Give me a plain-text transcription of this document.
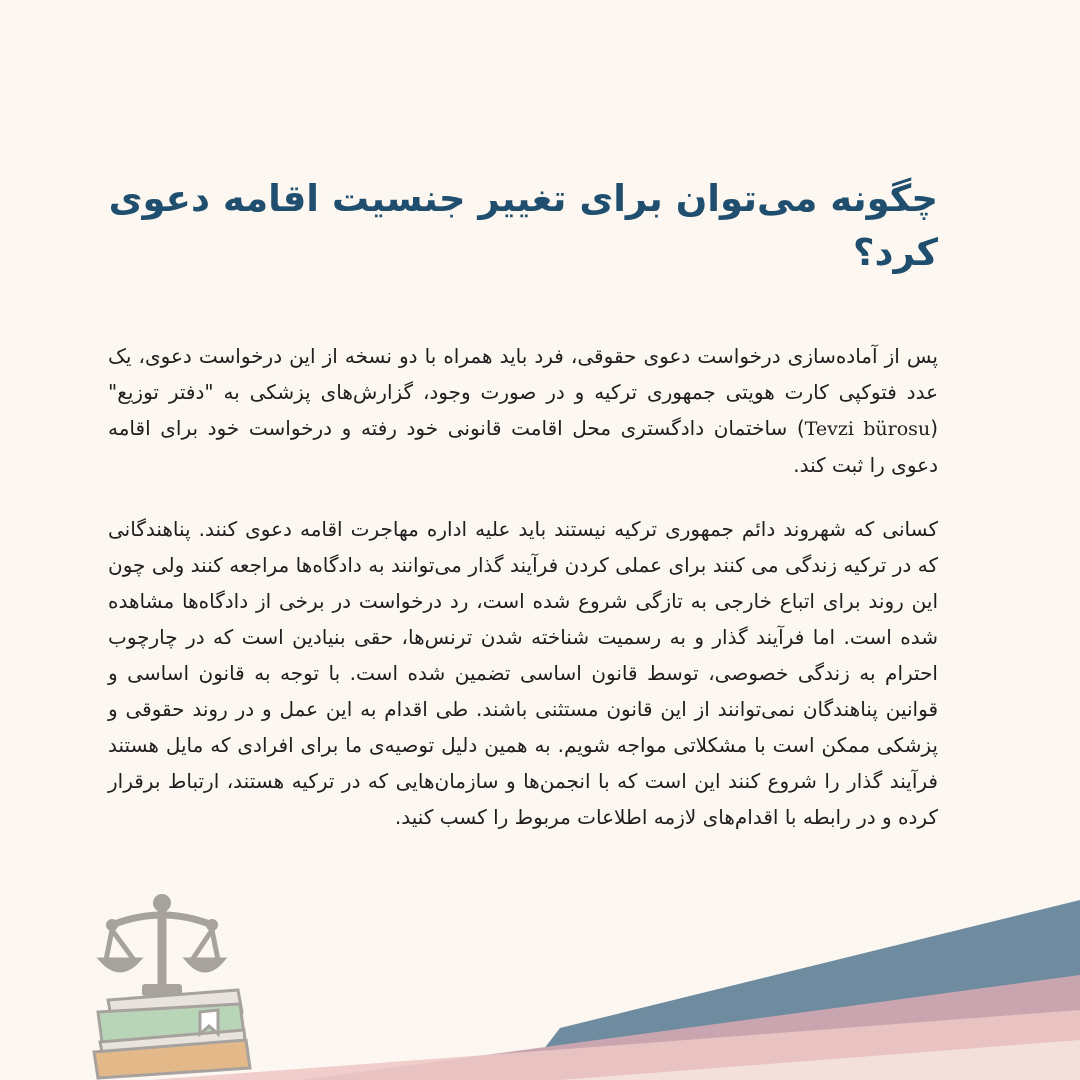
چگونه می‌توان برای تغییر جنسیت اقامه دعوی کرد؟

پس از آماده‌سازی درخواست دعوی حقوقی، فرد باید همراه با دو نسخه از این درخواست دعوی، یک عدد فتوکپی کارت هویتی جمهوری ترکیه و در صورت وجود، گزارش‌های پزشکی به "دفتر توزیع" (Tevzi bürosu) ساختمان دادگستری محل اقامت قانونی خود رفته و درخواست خود برای اقامه دعوی را ثبت کند.

کسانی که شهروند دائم جمهوری ترکیه نیستند باید علیه اداره مهاجرت اقامه دعوی کنند. پناهندگانی که در ترکیه زندگی می کنند برای عملی کردن فرآیند گذار می‌توانند به دادگاه‌ها مراجعه کنند ولی چون این روند برای اتباع خارجی به تازگی شروع شده است، رد درخواست در برخی از دادگاه‌ها مشاهده شده است. اما فرآیند گذار و به رسمیت شناخته شدن ترنس‌ها، حقی بنیادین است که در چارچوب احترام به زندگی خصوصی، توسط قانون اساسی تضمین شده است. با توجه به قانون اساسی و قوانین پناهندگان نمی‌توانند از این قانون مستثنی باشند. طی اقدام به این عمل و در روند حقوقی و پزشکی ممکن است با مشکلاتی مواجه شویم. به همین دلیل توصیه‌ی ما برای افرادی که مایل هستند فرآیند گذار را شروع کنند این است که با انجمن‌ها و سازمان‌هایی که در ترکیه هستند، ارتباط برقرار کرده و در رابطه با اقدام‌های لازمه اطلاعات مربوط را کسب کنید.
